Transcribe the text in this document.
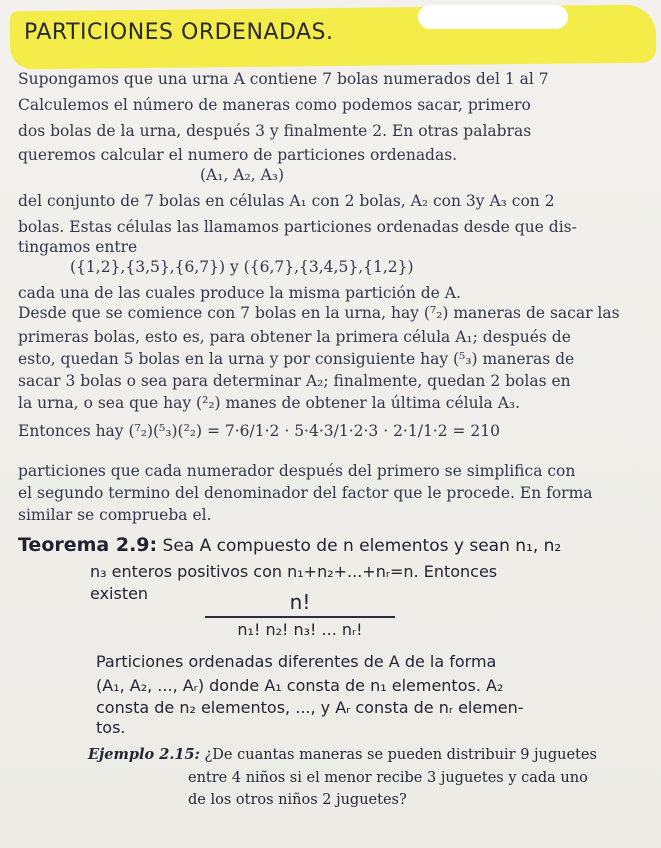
PARTICIONES ORDENADAS.
Supongamos que una urna A contiene 7 bolas numerados del 1 al 7
Calculemos el número de maneras como podemos sacar, primero
dos bolas de la urna, después 3 y finalmente 2. En otras palabras
queremos calcular el numero de particiones ordenadas.
(A₁, A₂, A₃)
del conjunto de 7 bolas en células A₁ con 2 bolas, A₂ con 3y A₃ con 2
bolas. Estas células las llamamos particiones ordenadas desde que dis-
tingamos entre
({1,2},{3,5},{6,7}) y ({6,7},{3,4,5},{1,2})
cada una de las cuales produce la misma partición de A.
Desde que se comience con 7 bolas en la urna, hay (⁷₂) maneras de sacar las
primeras bolas, esto es, para obtener la primera célula A₁; después de
esto, quedan 5 bolas en la urna y por consiguiente hay (⁵₃) maneras de
sacar 3 bolas o sea para determinar A₂; finalmente, quedan 2 bolas en
la urna, o sea que hay (²₂) manes de obtener la última célula A₃.
Entonces hay (⁷₂)(⁵₃)(²₂) = 7·6/1·2 · 5·4·3/1·2·3 · 2·1/1·2 = 210
particiones que cada numerador después del primero se simplifica con
el segundo termino del denominador del factor que le procede. En forma
similar se comprueba el.
Teorema 2.9: Sea A compuesto de n elementos y sean n₁, n₂
n₃ enteros positivos con n₁+n₂+...+nᵣ=n. Entonces
existen	n!
n₁! n₂! n₃! ... nᵣ!
Particiones ordenadas diferentes de A de la forma
(A₁, A₂, ..., Aᵣ) donde A₁ consta de n₁ elementos. A₂
consta de n₂ elementos, ..., y Aᵣ consta de nᵣ elemen-
tos.
Ejemplo 2.15: ¿De cuantas maneras se pueden distribuir 9 juguetes
entre 4 niños si el menor recibe 3 juguetes y cada uno
de los otros niños 2 juguetes?
